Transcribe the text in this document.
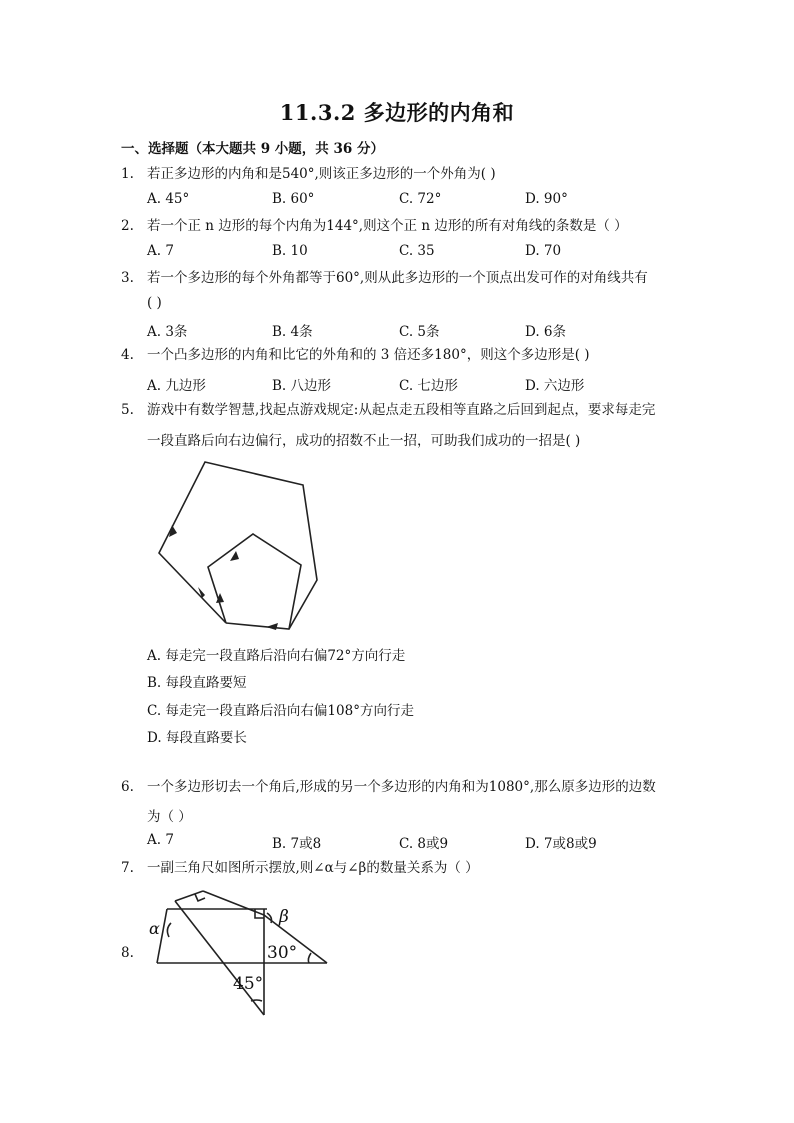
11.3.2 多边形的内角和
一、选择题（本大题共 9 小题，共 36 分）
1. 若正多边形的内角和是540°,则该正多边形的一个外角为( )
A. 45°	B. 60°	C. 72°	D. 90°
2. 若一个正 n 边形的每个内角为144°,则这个正 n 边形的所有对角线的条数是（ ）
A. 7	B. 10	C. 35	D. 70
3. 若一个多边形的每个外角都等于60°,则从此多边形的一个顶点出发可作的对角线共有
( )
A. 3条	B. 4条	C. 5条	D. 6条
4. 一个凸多边形的内角和比它的外角和的 3 倍还多180°，则这个多边形是( )
A. 九边形	B. 八边形	C. 七边形	D. 六边形
5. 游戏中有数学智慧,找起点游戏规定:从起点走五段相等直路之后回到起点，要求每走完
一段直路后向右边偏行，成功的招数不止一招，可助我们成功的一招是( )
A. 每走完一段直路后沿向右偏72°方向行走
B. 每段直路要短
C. 每走完一段直路后沿向右偏108°方向行走
D. 每段直路要长
6. 一个多边形切去一个角后,形成的另一个多边形的内角和为1080°,那么原多边形的边数
为（ ）
A. 7	B. 7或8	C. 8或9	D. 7或8或9
7. 一副三角尺如图所示摆放,则∠α与∠β的数量关系为（ ）
8.
α
β
30°
45°
